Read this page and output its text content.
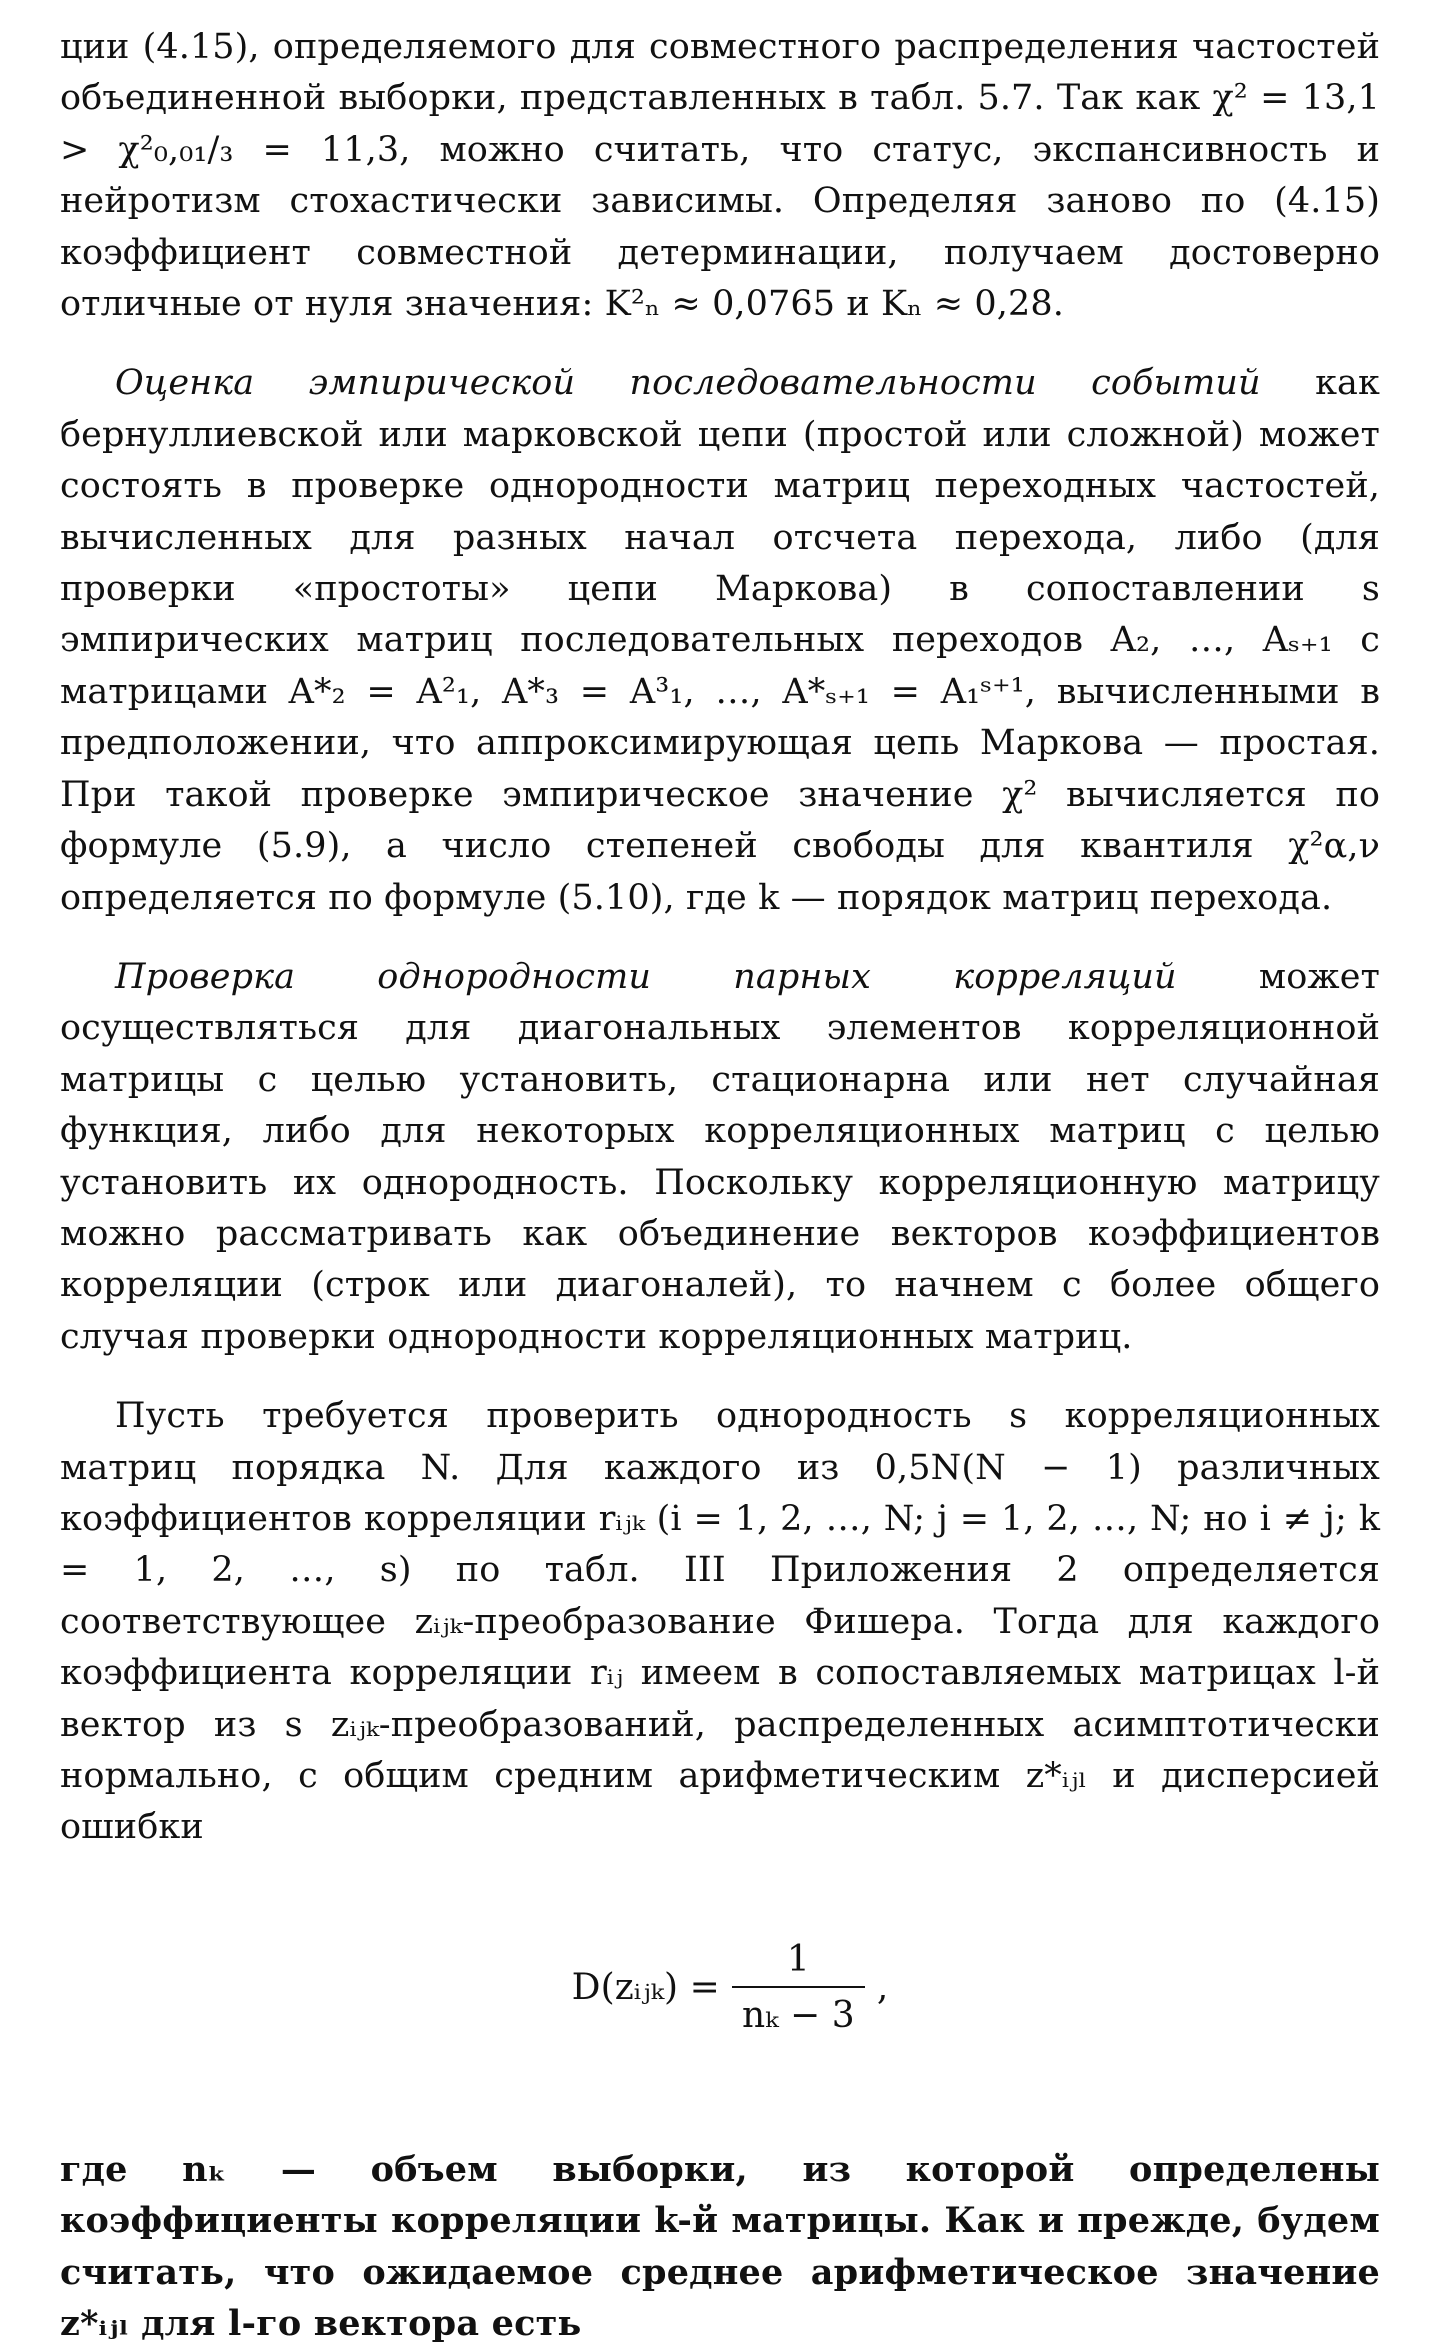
ции (4.15), определяемого для совместного распределения частостей объединенной выборки, представленных в табл. 5.7. Так как χ² = 13,1 > χ²₀,₀₁/₃ = 11,3, можно считать, что статус, экспансивность и нейротизм стохастически зависимы. Определяя заново по (4.15) коэффициент совместной детерминации, получаем достоверно отличные от нуля значения: K²ₙ ≈ 0,0765 и Kₙ ≈ 0,28.

Оценка эмпирической последовательности событий как бернуллиевской или марковской цепи (простой или сложной) может состоять в проверке однородности матриц переходных частостей, вычисленных для разных начал отсчета перехода, либо (для проверки «простоты» цепи Маркова) в сопоставлении s эмпирических матриц последовательных переходов A₂, …, Aₛ₊₁ с матрицами A*₂ = A²₁, A*₃ = A³₁, …, A*ₛ₊₁ = A₁ˢ⁺¹, вычисленными в предположении, что аппроксимирующая цепь Маркова — простая. При такой проверке эмпирическое значение χ² вычисляется по формуле (5.9), а число степеней свободы для квантиля χ²α,ν определяется по формуле (5.10), где k — порядок матриц перехода.

Проверка однородности парных корреляций может осуществляться для диагональных элементов корреляционной матрицы с целью установить, стационарна или нет случайная функция, либо для некоторых корреляционных матриц с целью установить их однородность. Поскольку корреляционную матрицу можно рассматривать как объединение векторов коэффициентов корреляции (строк или диагоналей), то начнем с более общего случая проверки однородности корреляционных матриц.

Пусть требуется проверить однородность s корреляционных матриц порядка N. Для каждого из 0,5N(N − 1) различных коэффициентов корреляции rᵢⱼₖ (i = 1, 2, …, N; j = 1, 2, …, N; но i ≠ j; k = 1, 2, …, s) по табл. III Приложения 2 определяется соответствующее zᵢⱼₖ-преобразование Фишера. Тогда для каждого коэффициента корреляции rᵢⱼ имеем в сопоставляемых матрицах l-й вектор из s zᵢⱼₖ-преобразований, распределенных асимптотически нормально, с общим средним арифметическим z*ᵢⱼₗ и дисперсией ошибки

D(zᵢⱼₖ) = $\frac{1}{\text{nₖ − 3}}$ ,

где nₖ — объем выборки, из которой определены коэффициенты корреляции k-й матрицы. Как и прежде, будем считать, что ожидаемое среднее арифметическое значение z*ᵢⱼₗ для l-го вектора есть
